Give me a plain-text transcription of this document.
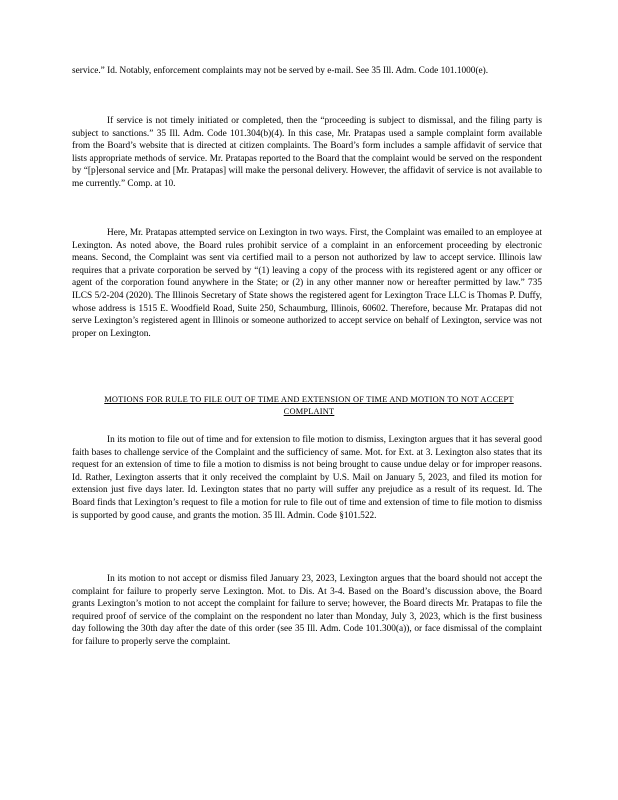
service.” Id. Notably, enforcement complaints may not be served by e-mail. See 35 Ill. Adm. Code 101.1000(e).

If service is not timely initiated or completed, then the “proceeding is subject to dismissal, and the filing party is subject to sanctions.” 35 Ill. Adm. Code 101.304(b)(4). In this case, Mr. Pratapas used a sample complaint form available from the Board’s website that is directed at citizen complaints. The Board’s form includes a sample affidavit of service that lists appropriate methods of service. Mr. Pratapas reported to the Board that the complaint would be served on the respondent by “[p]ersonal service and [Mr. Pratapas] will make the personal delivery. However, the affidavit of service is not available to me currently.” Comp. at 10.

Here, Mr. Pratapas attempted service on Lexington in two ways. First, the Complaint was emailed to an employee at Lexington. As noted above, the Board rules prohibit service of a complaint in an enforcement proceeding by electronic means. Second, the Complaint was sent via certified mail to a person not authorized by law to accept service. Illinois law requires that a private corporation be served by “(1) leaving a copy of the process with its registered agent or any officer or agent of the corporation found anywhere in the State; or (2) in any other manner now or hereafter permitted by law.” 735 ILCS 5/2-204 (2020). The Illinois Secretary of State shows the registered agent for Lexington Trace LLC is Thomas P. Duffy, whose address is 1515 E. Woodfield Road, Suite 250, Schaumburg, Illinois, 60602. Therefore, because Mr. Pratapas did not serve Lexington’s registered agent in Illinois or someone authorized to accept service on behalf of Lexington, service was not proper on Lexington.

MOTIONS FOR RULE TO FILE OUT OF TIME AND EXTENSION OF TIME AND MOTION TO NOT ACCEPT COMPLAINT

In its motion to file out of time and for extension to file motion to dismiss, Lexington argues that it has several good faith bases to challenge service of the Complaint and the sufficiency of same. Mot. for Ext. at 3. Lexington also states that its request for an extension of time to file a motion to dismiss is not being brought to cause undue delay or for improper reasons. Id. Rather, Lexington asserts that it only received the complaint by U.S. Mail on January 5, 2023, and filed its motion for extension just five days later. Id. Lexington states that no party will suffer any prejudice as a result of its request. Id. The Board finds that Lexington’s request to file a motion for rule to file out of time and extension of time to file motion to dismiss is supported by good cause, and grants the motion. 35 Ill. Admin. Code §101.522.

In its motion to not accept or dismiss filed January 23, 2023, Lexington argues that the board should not accept the complaint for failure to properly serve Lexington. Mot. to Dis. At 3-4. Based on the Board’s discussion above, the Board grants Lexington’s motion to not accept the complaint for failure to serve; however, the Board directs Mr. Pratapas to file the required proof of service of the complaint on the respondent no later than Monday, July 3, 2023, which is the first business day following the 30th day after the date of this order (see 35 Ill. Adm. Code 101.300(a)), or face dismissal of the complaint for failure to properly serve the complaint.
